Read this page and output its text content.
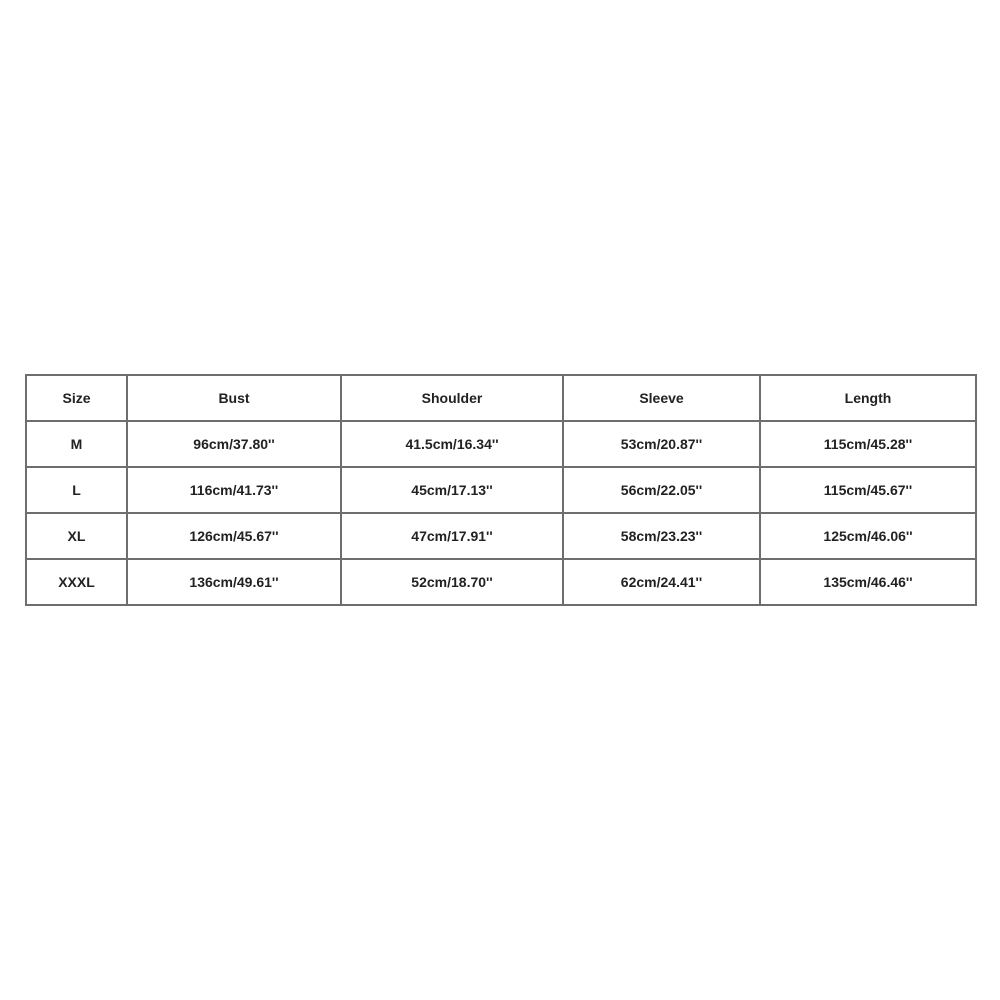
Size	Bust	Shoulder	Sleeve	Length
M	96cm/37.80''	41.5cm/16.34''	53cm/20.87''	115cm/45.28''
L	116cm/41.73''	45cm/17.13''	56cm/22.05''	115cm/45.67''
XL	126cm/45.67''	47cm/17.91''	58cm/23.23''	125cm/46.06''
XXXL	136cm/49.61''	52cm/18.70''	62cm/24.41''	135cm/46.46''
